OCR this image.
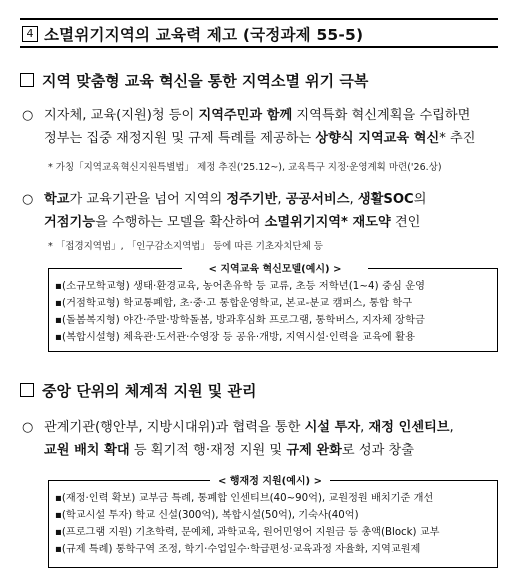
4 소멸위기지역의 교육력 제고 (국정과제 55-5)
지역 맞춤형 교육 혁신을 통한 지역소멸 위기 극복
○ 지자체, 교육(지원)청 등이 지역주민과 함께 지역특화 혁신계획을 수립하면
정부는 집중 재정지원 및 규제 특례를 제공하는 상향식 지역교육 혁신* 추진
* 가칭「지역교육혁신지원특별법」 제정 추진('25.12~), 교육특구 지정·운영계획 마련('26.상)
○ 학교가 교육기관을 넘어 지역의 정주기반, 공공서비스, 생활SOC의
거점기능을 수행하는 모델을 확산하여 소멸위기지역* 재도약 견인
* 「접경지역법」, 「인구감소지역법」 등에 따른 기초자치단체 등
< 지역교육 혁신모델(예시) >
▪(소규모학교형) 생태·환경교육, 농어촌유학 등 교류, 초등 저학년(1~4) 중심 운영
▪(거점학교형) 학교통폐합, 초·중·고 통합운영학교, 본교-분교 캠퍼스, 통합 학구
▪(돌봄복지형) 야간·주말·방학돌봄, 방과후심화 프로그램, 통학버스, 지자체 장학금
▪(복합시설형) 체육관·도서관·수영장 등 공유·개방, 지역시설·인력을 교육에 활용
중앙 단위의 체계적 지원 및 관리
○ 관계기관(행안부, 지방시대위)과 협력을 통한 시설 투자, 재정 인센티브,
교원 배치 확대 등 획기적 행·재정 지원 및 규제 완화로 성과 창출
< 행재정 지원(예시) >
▪(재정·인력 확보) 교부금 특례, 통폐합 인센티브(40~90억), 교원정원 배치기준 개선
▪(학교시설 투자) 학교 신설(300억), 복합시설(50억), 기숙사(40억)
▪(프로그램 지원) 기초학력, 문예체, 과학교육, 원어민영어 지원금 등 총액(Block) 교부
▪(규제 특례) 통학구역 조정, 학기·수업일수·학급편성·교육과정 자율화, 지역교원제
